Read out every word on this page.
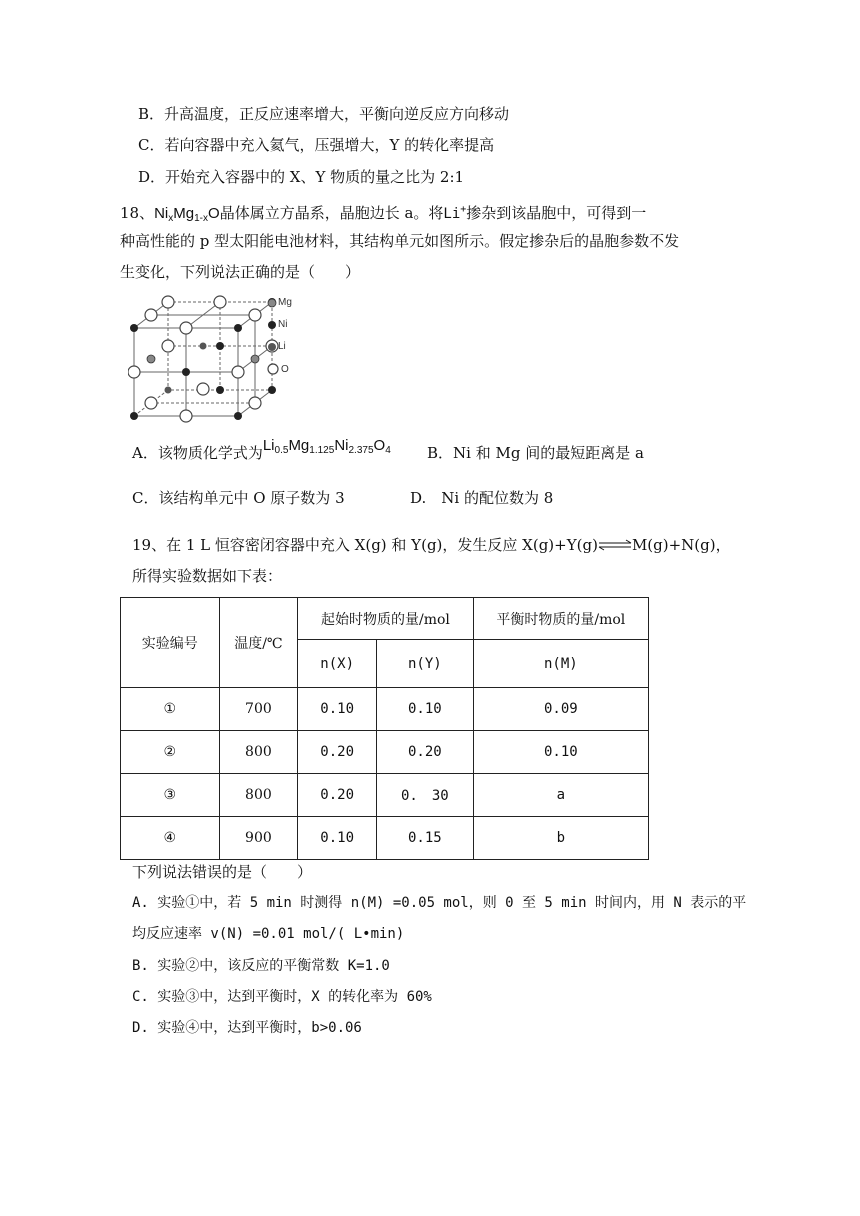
B．升高温度，正反应速率增大，平衡向逆反应方向移动
C．若向容器中充入氦气，压强增大，Y 的转化率提高
D．开始充入容器中的 X、Y 物质的量之比为 2:1
18、$Ni_xMg_{1-x}O$晶体属立方晶系，晶胞边长 a。将Li+掺杂到该晶胞中，可得到一
种高性能的 p 型太阳能电池材料，其结构单元如图所示。假定掺杂后的晶胞参数不发
生变化，下列说法正确的是（　　）
Mg
Ni
Li
O
A．该物质化学式为$Li_{0.5}Mg_{1.125}Ni_{2.375}O_4$ B．Ni 和 Mg 间的最短距离是 a
C．该结构单元中 O 原子数为 3	D.　Ni 的配位数为 8
19、在 1 L 恒容密闭容器中充入 X(g) 和 Y(g)，发生反应 X(g)+Y(g)⇌M(g)+N(g)，
所得实验数据如下表：
实验编号	温度/℃	起始时物质的量/mol		平衡时物质的量/mol
		n(X)	n(Y)	n(M)
①	700	0.10	0.10	0.09
②	800	0.20	0.20	0.10
③	800	0.20	0.　30	a
④	900	0.10	0.15	b
下列说法错误的是（　　）
A. 实验①中，若 5 min 时测得 n(M) =0.05 mol，则 0 至 5 min 时间内，用 N 表示的平
均反应速率 v(N) =0.01 mol/( L•min)
B. 实验②中，该反应的平衡常数 K=1.0
C. 实验③中，达到平衡时，X 的转化率为 60%
D. 实验④中，达到平衡时，b>0.06
